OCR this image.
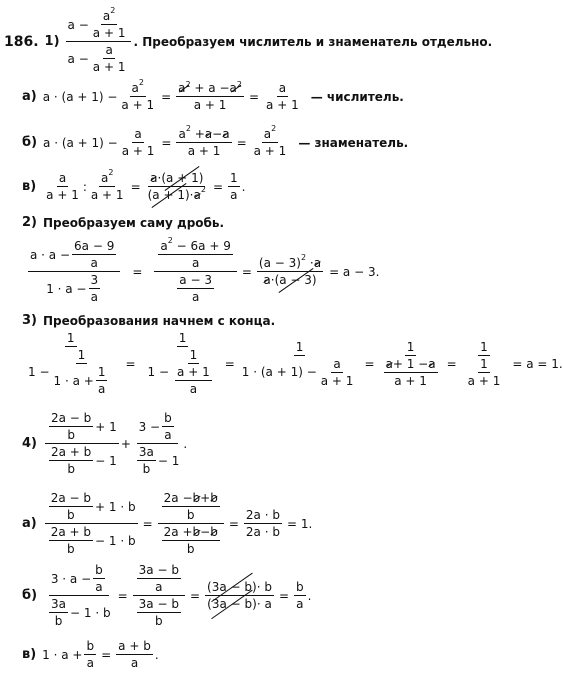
186. 1)
a −
a 2
a + 1
a −
a
a + 1
. Преобразуем числитель и знаменатель отдельно.
а) $a \cdot (a + 1) - \frac{a 2}{a + 1} = \frac{a^2 + a - a^2}{a + 1} = \frac{a}{a + 1}$ — числитель.
б) $a \cdot (a + 1) - \frac{a}{a + 1} = \frac{a 2 + a - a}{a + 1} = \frac{a 2}{a + 1}$ — знаменатель.
в)
a
a + 1
: $\frac{a 2}{a + 1} = \frac{a \cdot (a + 1)}{(a + 1) \cdot a 2} = \frac{1}{a}$ .
2) Преобразуем саму дробь.
a · a −
6a − 9
a
1 · a −
3
a = a 2 − 6a + 9
a
a − 3
$a = \frac{(a - 3) 2 \cdot a}{a \cdot (a - 3)} = a - 3$.
3) Преобразования начнем с конца.
1
1 −
1
1 · a +
1
a = 1
1 −
1
a + 1
a = 1
1 · (a + 1) −
a
a + 1 = 1
a + 1 − a
a + 1 = 1
1
a + 1 = a = 1.
4)
2a − b
b
+ 1
2a + b
b
− 1
+
3 −
b
a
3a
b
− 1
.
а) 2a − b
b
+ 1 · b
2a + b
b
− 1 · b = 2a − b + b
b
2a + b − b
$b = \frac{2a \cdot b}{2a \cdot b} = 1$.
б) 3 · a −
b
a
3a
b
− 1 · b = 3a − b
a
3a − b
$b = \frac{(3a - b) \cdot b}{(3a - b) \cdot a} = \frac{b}{a}$ .
в) $1 \cdot a + \frac{b}{a} = \frac{a + b}{a}$ .
